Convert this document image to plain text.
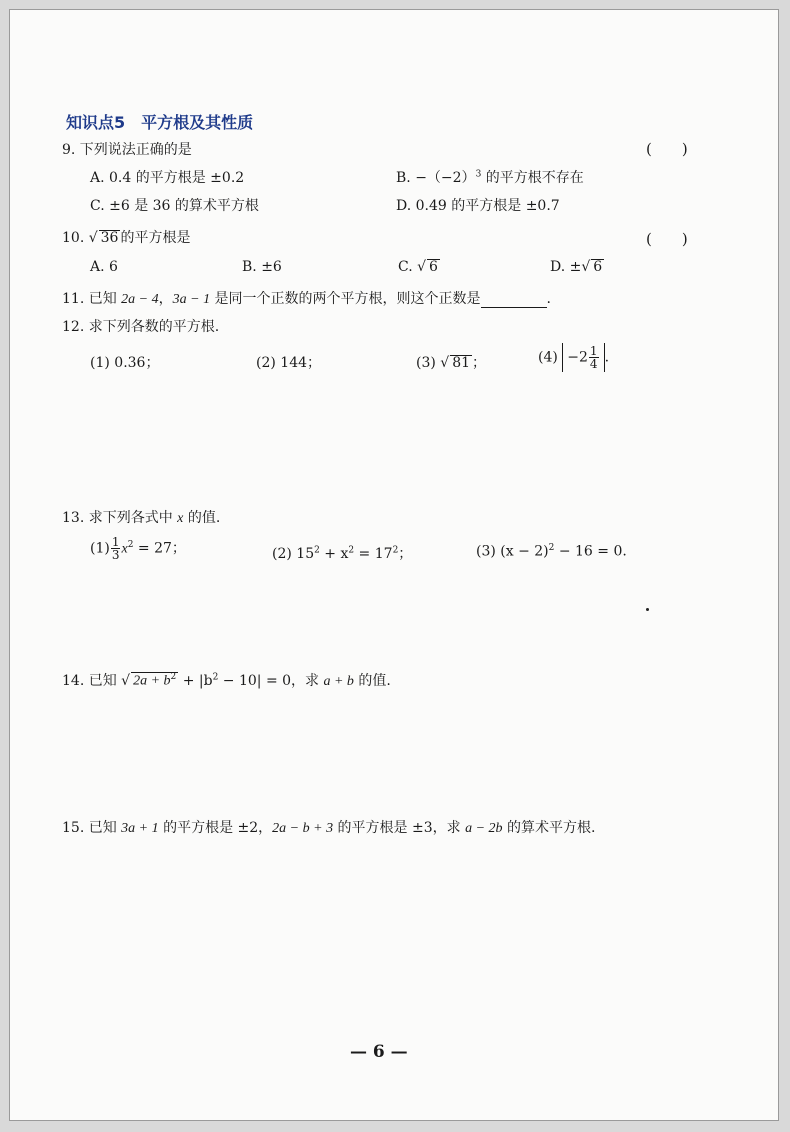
知识点5　平方根及其性质
9. 下列说法正确的是	(　　)
A. 0.4 的平方根是 ±0.2	B. $-(-2)^3$ 的平方根不存在
C. ±6 是 36 的算术平方根	D. 0.49 的平方根是 ±0.7
10. √ 36 的平方根是	(　　)
A. 6	B. ±6	C. √ 6	D. ±√ 6
11. 已知 2a − 4，3a − 1 是同一个正数的两个平方根，则这个正数是	.
12. 求下列各数的平方根.
(1) 0.36；	(2) 144；	(3) √ 81 ；	$(4) -2 \frac{1}{4}$ .
13. 求下列各式中 x 的值.
$(1) \frac{1}{3} x^2 = 27$；	(2) $15^2 + x^2 = 17^2$；	(3) $(x - 2)^2 - 16 = 0$.
14. 已知 √ $2a + b^2 + |b^2 - 10| = 0$，求 a + b 的值.
15. 已知 3a + 1 的平方根是 ±2，2a − b + 3 的平方根是 ±3，求 a − 2b 的算术平方根.
— 6 —
